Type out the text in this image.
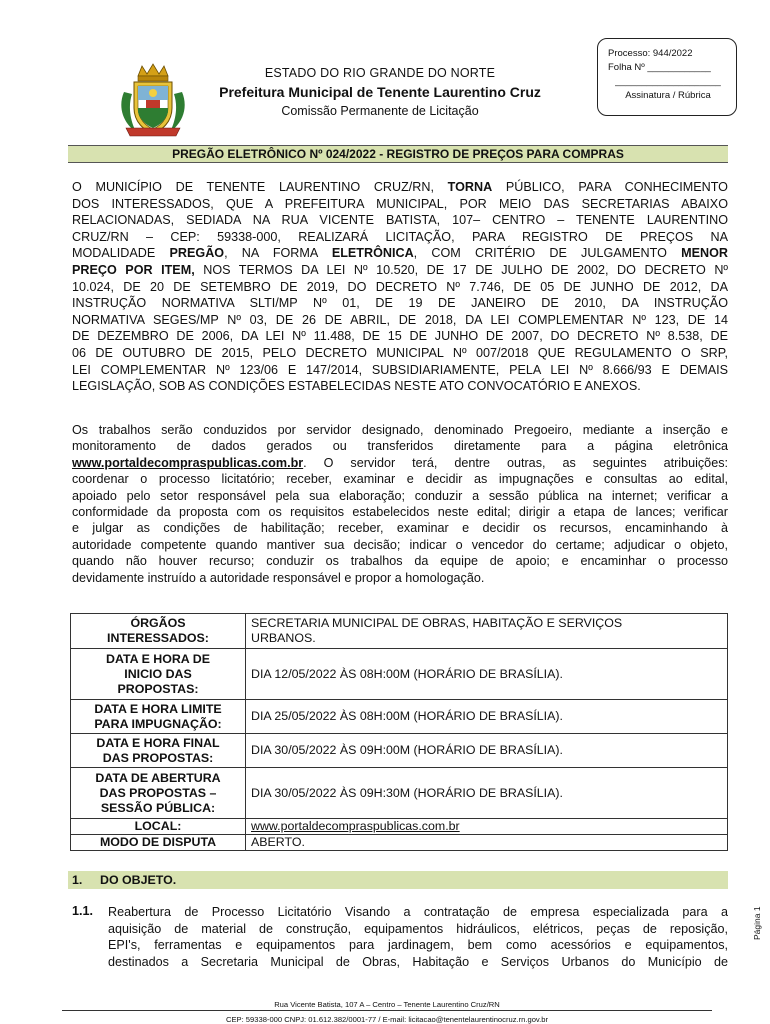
ESTADO DO RIO GRANDE DO NORTE
Prefeitura Municipal de Tenente Laurentino Cruz
Comissão Permanente de Licitação
Processo: 944/2022
Folha Nº ____________
____________________
Assinatura / Rúbrica
PREGÃO ELETRÔNICO Nº 024/2022 - REGISTRO DE PREÇOS PARA COMPRAS
O MUNICÍPIO DE TENENTE LAURENTINO CRUZ/RN, TORNA PÚBLICO, PARA CONHECIMENTO
DOS INTERESSADOS, QUE A PREFEITURA MUNICIPAL, POR MEIO DAS SECRETARIAS ABAIXO
RELACIONADAS, SEDIADA NA RUA VICENTE BATISTA, 107– CENTRO – TENENTE LAURENTINO
CRUZ/RN – CEP: 59338-000, REALIZARÁ LICITAÇÃO, PARA REGISTRO DE PREÇOS NA
MODALIDADE PREGÃO, NA FORMA ELETRÔNICA, COM CRITÉRIO DE JULGAMENTO MENOR
PREÇO POR ITEM, NOS TERMOS DA LEI Nº 10.520, DE 17 DE JULHO DE 2002, DO DECRETO Nº
10.024, DE 20 DE SETEMBRO DE 2019, DO DECRETO Nº 7.746, DE 05 DE JUNHO DE 2012, DA
INSTRUÇÃO NORMATIVA SLTI/MP Nº 01, DE 19 DE JANEIRO DE 2010, DA INSTRUÇÃO
NORMATIVA SEGES/MP Nº 03, DE 26 DE ABRIL, DE 2018, DA LEI COMPLEMENTAR Nº 123, DE 14
DE DEZEMBRO DE 2006, DA LEI Nº 11.488, DE 15 DE JUNHO DE 2007, DO DECRETO Nº 8.538, DE
06 DE OUTUBRO DE 2015, PELO DECRETO MUNICIPAL Nº 007/2018 QUE REGULAMENTO O SRP,
LEI COMPLEMENTAR Nº 123/06 E 147/2014, SUBSIDIARIAMENTE, PELA LEI Nº 8.666/93 E DEMAIS
LEGISLAÇÃO, SOB AS CONDIÇÕES ESTABELECIDAS NESTE ATO CONVOCATÓRIO E ANEXOS.
Os trabalhos serão conduzidos por servidor designado, denominado Pregoeiro, mediante a inserção e
monitoramento de dados gerados ou transferidos diretamente para a página eletrônica
www.portaldecompraspublicas.com.br. O servidor terá, dentre outras, as seguintes atribuições:
coordenar o processo licitatório; receber, examinar e decidir as impugnações e consultas ao edital,
apoiado pelo setor responsável pela sua elaboração; conduzir a sessão pública na internet; verificar a
conformidade da proposta com os requisitos estabelecidos neste edital; dirigir a etapa de lances; verificar
e julgar as condições de habilitação; receber, examinar e decidir os recursos, encaminhando à
autoridade competente quando mantiver sua decisão; indicar o vencedor do certame; adjudicar o objeto,
quando não houver recurso; conduzir os trabalhos da equipe de apoio; e encaminhar o processo
devidamente instruído a autoridade responsável e propor a homologação.
ÓRGÃOS
INTERESSADOS:	SECRETARIA MUNICIPAL DE OBRAS, HABITAÇÃO E SERVIÇOS
URBANOS.
DATA E HORA DE
INICIO DAS
PROPOSTAS:	DIA 12/05/2022 ÀS 08H:00M (HORÁRIO DE BRASÍLIA).
DATA E HORA LIMITE
PARA IMPUGNAÇÃO:	DIA 25/05/2022 ÀS 08H:00M (HORÁRIO DE BRASÍLIA).
DATA E HORA FINAL
DAS PROPOSTAS:	DIA 30/05/2022 ÀS 09H:00M (HORÁRIO DE BRASÍLIA).
DATA DE ABERTURA
DAS PROPOSTAS –
SESSÃO PÚBLICA:	DIA 30/05/2022 ÀS 09H:30M (HORÁRIO DE BRASÍLIA).
LOCAL:	www.portaldecompraspublicas.com.br
MODO DE DISPUTA	ABERTO.
1. DO OBJETO.
1.1. Reabertura de Processo Licitatório Visando a contratação de empresa especializada para a
aquisição de material de construção, equipamentos hidráulicos, elétricos, peças de reposição,
EPI's, ferramentas e equipamentos para jardinagem, bem como acessórios e equipamentos,
destinados a Secretaria Municipal de Obras, Habitação e Serviços Urbanos do Município de
Página 1
Rua Vicente Batista, 107 A – Centro – Tenente Laurentino Cruz/RN
CEP: 59338-000 CNPJ: 01.612.382/0001-77 / E-mail: licitacao@tenentelaurentinocruz.rn.gov.br
